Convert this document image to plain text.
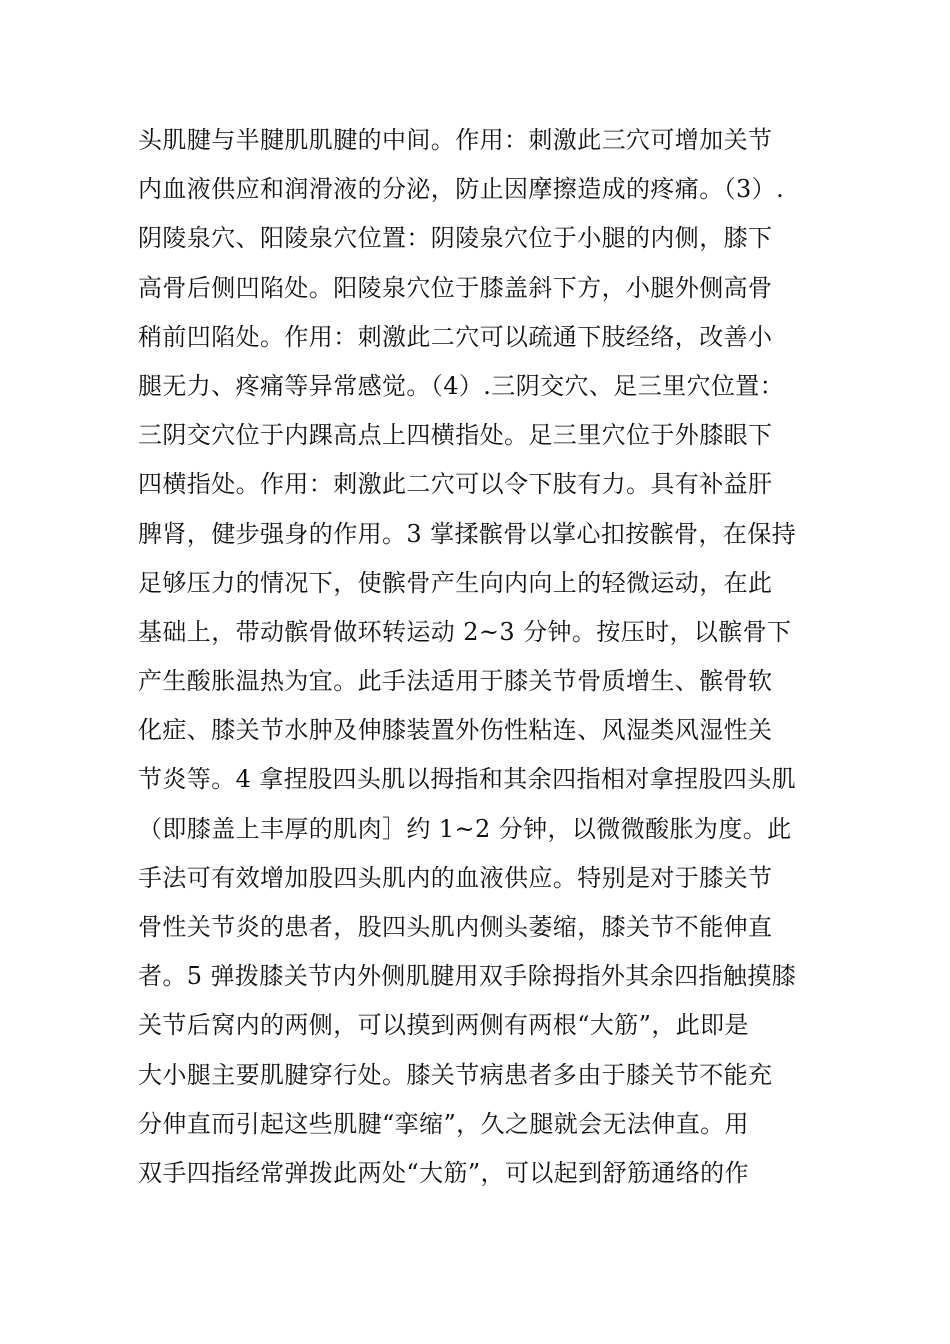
头肌腱与半腱肌肌腱的中间。作用：刺激此三穴可增加关节
内血液供应和润滑液的分泌，防止因摩擦造成的疼痛。（3）.
阴陵泉穴、阳陵泉穴位置：阴陵泉穴位于小腿的内侧，膝下
高骨后侧凹陷处。阳陵泉穴位于膝盖斜下方，小腿外侧高骨
稍前凹陷处。作用：刺激此二穴可以疏通下肢经络，改善小
腿无力、疼痛等异常感觉。（4）.三阴交穴、足三里穴位置：
三阴交穴位于内踝高点上四横指处。足三里穴位于外膝眼下
四横指处。作用：刺激此二穴可以令下肢有力。具有补益肝
脾肾，健步强身的作用。3 掌揉髌骨以掌心扣按髌骨，在保持
足够压力的情况下，使髌骨产生向内向上的轻微运动，在此
基础上，带动髌骨做环转运动 2~3 分钟。按压时，以髌骨下
产生酸胀温热为宜。此手法适用于膝关节骨质增生、髌骨软
化症、膝关节水肿及伸膝装置外伤性粘连、风湿类风湿性关
节炎等。4 拿捏股四头肌以拇指和其余四指相对拿捏股四头肌
（即膝盖上丰厚的肌肉］约 1~2 分钟，以微微酸胀为度。此
手法可有效增加股四头肌内的血液供应。特别是对于膝关节
骨性关节炎的患者，股四头肌内侧头萎缩，膝关节不能伸直
者。5 弹拨膝关节内外侧肌腱用双手除拇指外其余四指触摸膝
关节后窝内的两侧，可以摸到两侧有两根“大筋”，此即是
大小腿主要肌腱穿行处。膝关节病患者多由于膝关节不能充
分伸直而引起这些肌腱“挛缩”，久之腿就会无法伸直。用
双手四指经常弹拨此两处“大筋”，可以起到舒筋通络的作
